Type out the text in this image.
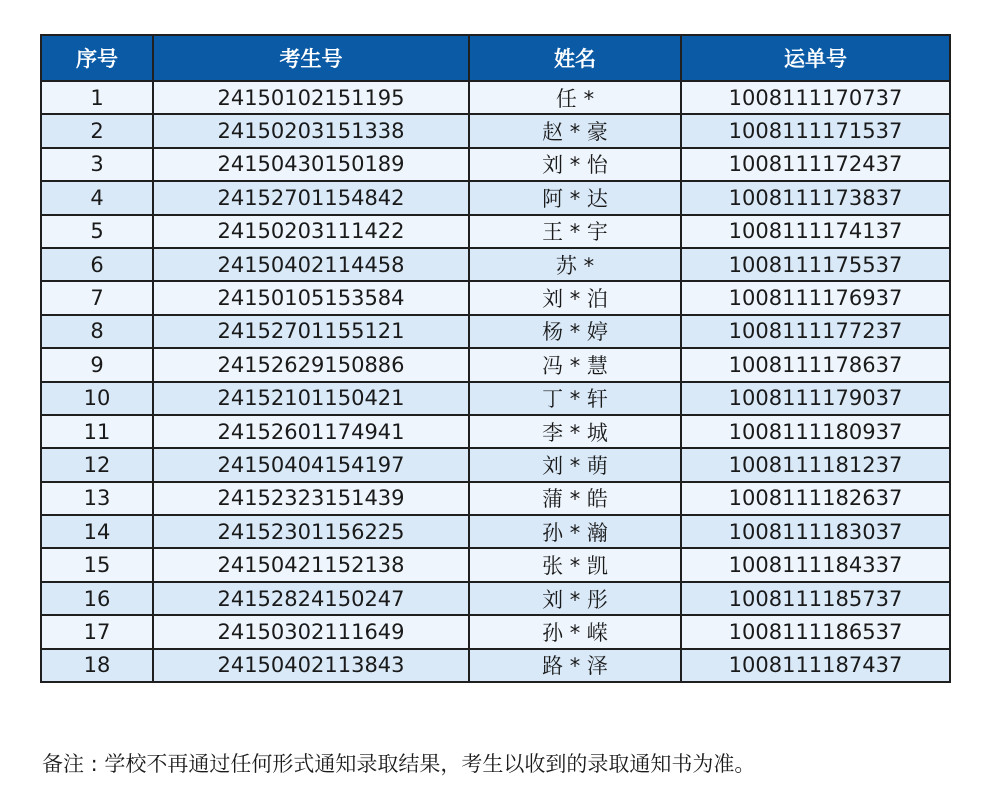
序号	考生号	姓名	运单号
1	24150102151195	任 *	1008111170737
2	24150203151338	赵 * 豪	1008111171537
3	24150430150189	刘 * 怡	1008111172437
4	24152701154842	阿 * 达	1008111173837
5	24150203111422	王 * 宇	1008111174137
6	24150402114458	苏 *	1008111175537
7	24150105153584	刘 * 泊	1008111176937
8	24152701155121	杨 * 婷	1008111177237
9	24152629150886	冯 * 慧	1008111178637
10	24152101150421	丁 * 轩	1008111179037
11	24152601174941	李 * 城	1008111180937
12	24150404154197	刘 * 萌	1008111181237
13	24152323151439	蒲 * 皓	1008111182637
14	24152301156225	孙 * 瀚	1008111183037
15	24150421152138	张 * 凯	1008111184337
16	24152824150247	刘 * 彤	1008111185737
17	24150302111649	孙 * 嵘	1008111186537
18	24150402113843	路 * 泽	1008111187437
备注 : 学校不再通过任何形式通知录取结果，考生以收到的录取通知书为准。
